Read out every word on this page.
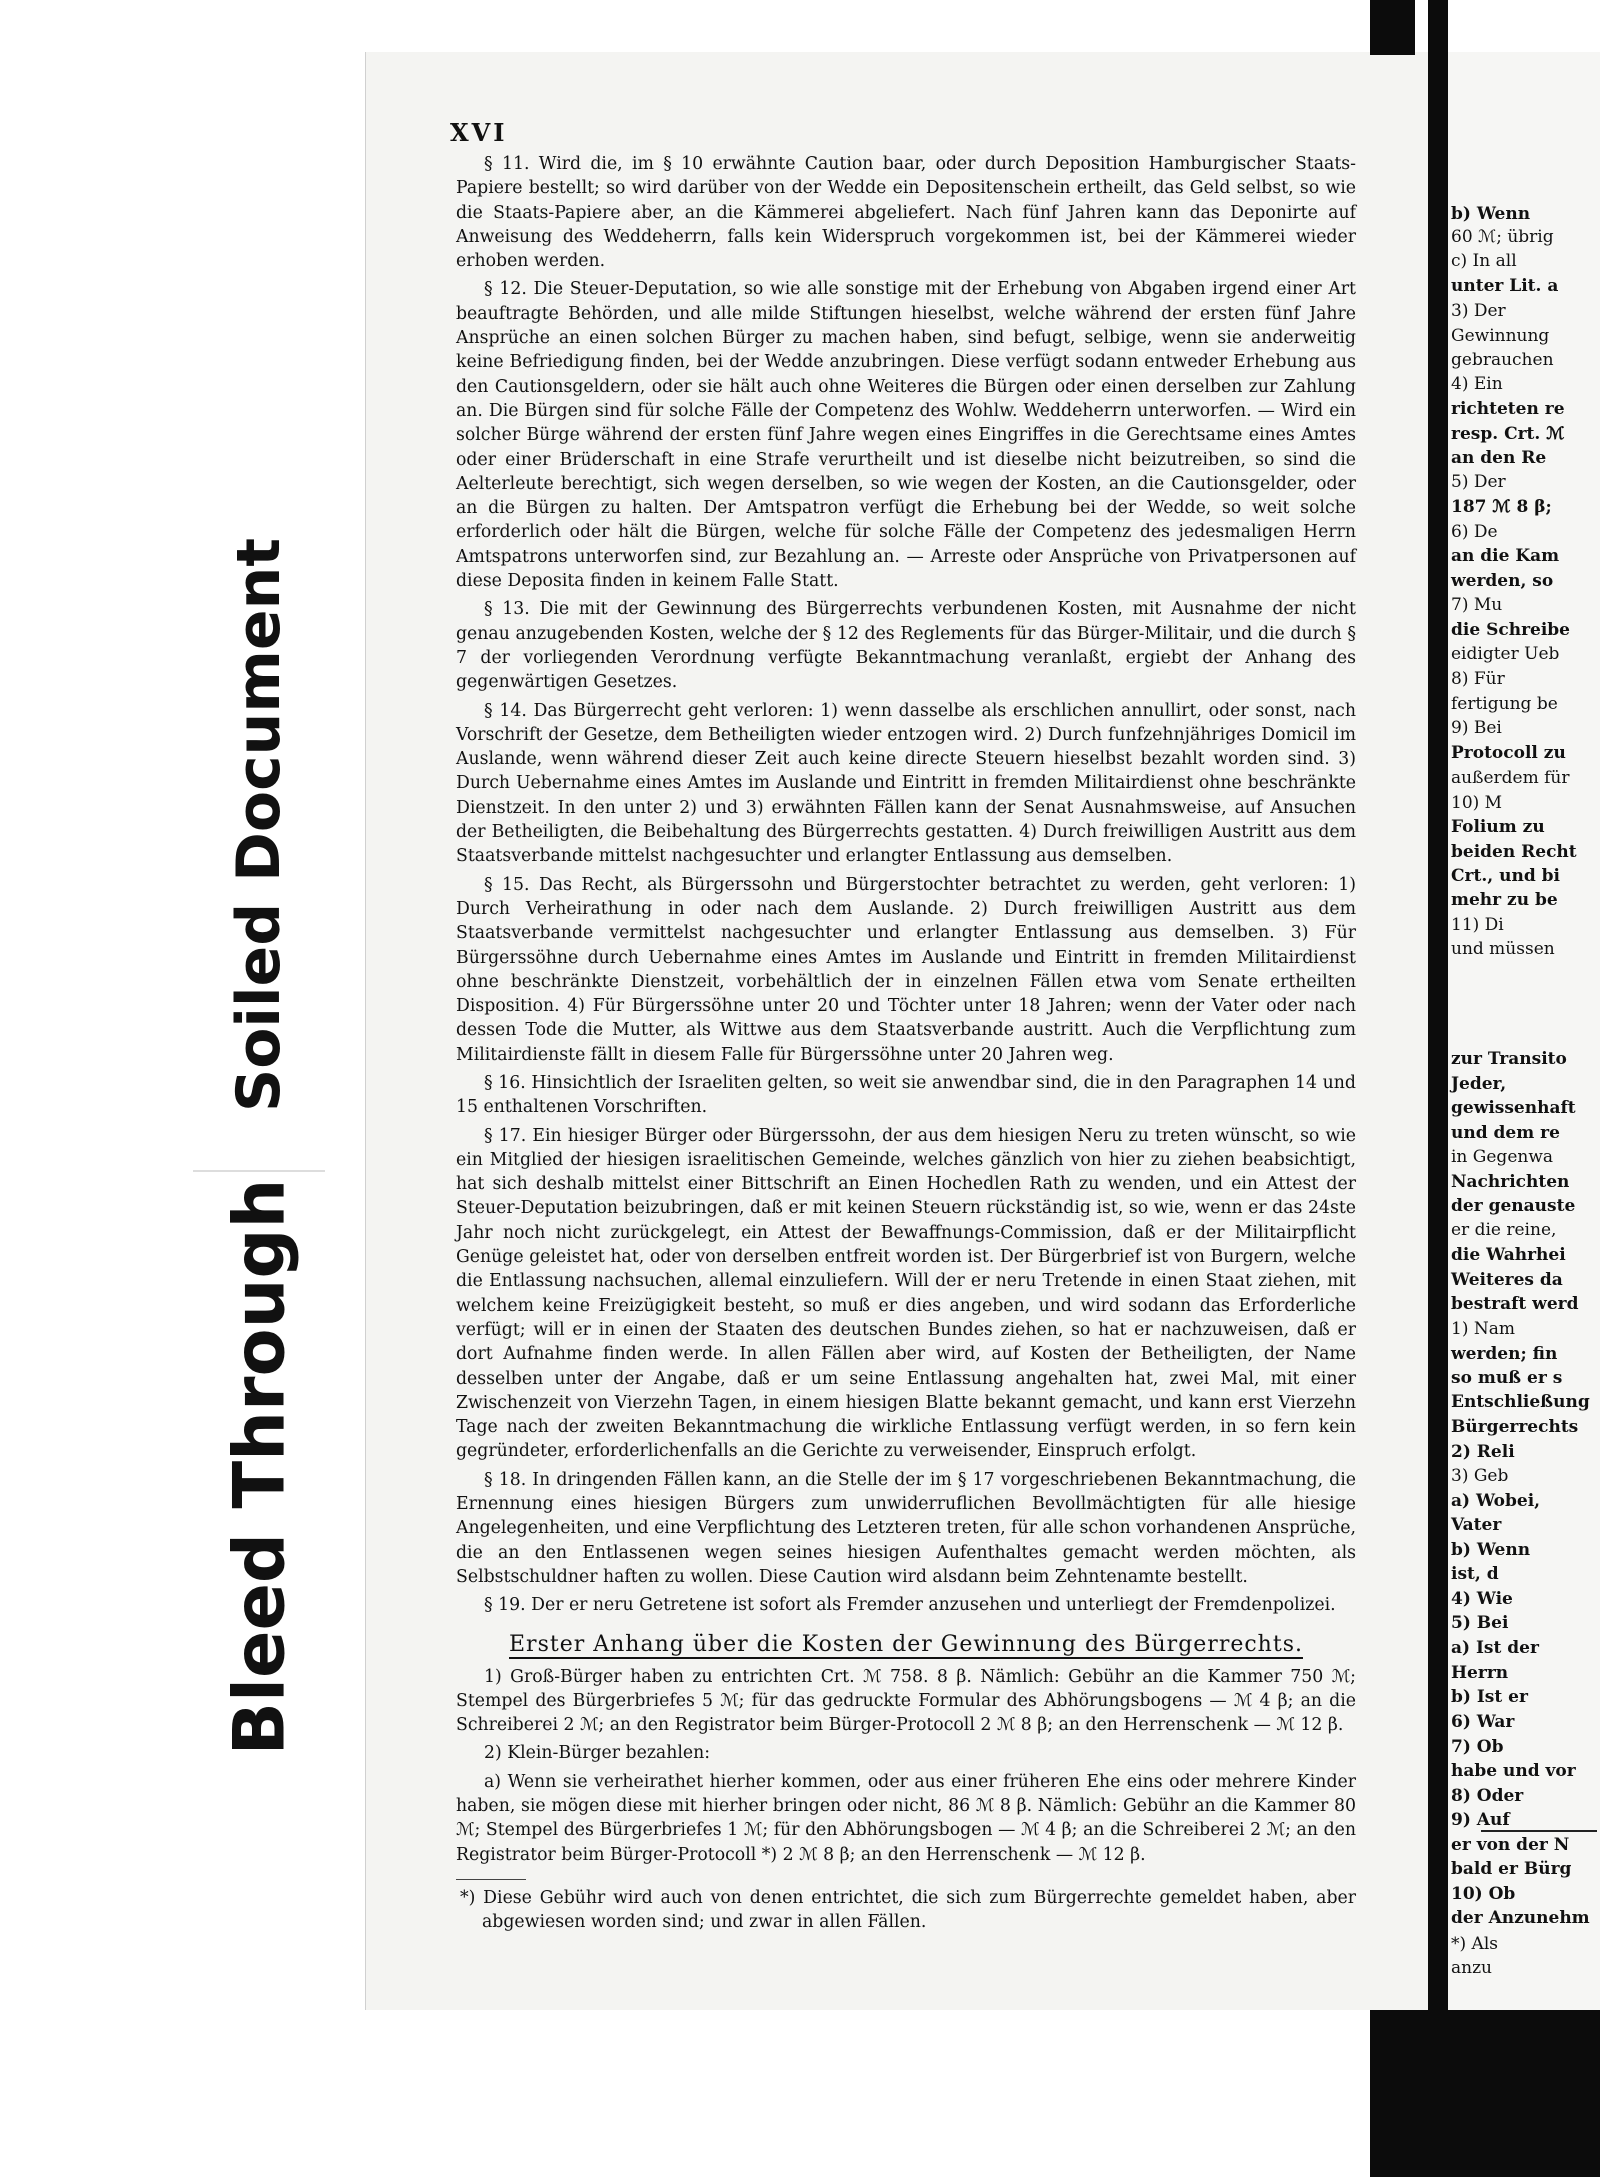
Soiled Document
Bleed Through
XVI

§ 11. Wird die, im § 10 erwähnte Caution baar, oder durch Deposition Hamburgischer Staats-Papiere bestellt; so wird darüber von der Wedde ein Depositenschein ertheilt, das Geld selbst, so wie die Staats-Papiere aber, an die Kämmerei abgeliefert. Nach fünf Jahren kann das Deponirte auf Anweisung des Weddeherrn, falls kein Widerspruch vorgekommen ist, bei der Kämmerei wieder erhoben werden.

§ 12. Die Steuer-Deputation, so wie alle sonstige mit der Erhebung von Abgaben irgend einer Art beauftragte Behörden, und alle milde Stiftungen hieselbst, welche während der ersten fünf Jahre Ansprüche an einen solchen Bürger zu machen haben, sind befugt, selbige, wenn sie anderweitig keine Befriedigung finden, bei der Wedde anzubringen. Diese verfügt sodann entweder Erhebung aus den Cautionsgeldern, oder sie hält auch ohne Weiteres die Bürgen oder einen derselben zur Zahlung an. Die Bürgen sind für solche Fälle der Competenz des Wohlw. Weddeherrn unterworfen. — Wird ein solcher Bürge während der ersten fünf Jahre wegen eines Eingriffes in die Gerechtsame eines Amtes oder einer Brüderschaft in eine Strafe verurtheilt und ist dieselbe nicht beizutreiben, so sind die Aelterleute berechtigt, sich wegen derselben, so wie wegen der Kosten, an die Cautionsgelder, oder an die Bürgen zu halten. Der Amtspatron verfügt die Erhebung bei der Wedde, so weit solche erforderlich oder hält die Bürgen, welche für solche Fälle der Competenz des jedesmaligen Herrn Amtspatrons unterworfen sind, zur Bezahlung an. — Arreste oder Ansprüche von Privatpersonen auf diese Deposita finden in keinem Falle Statt.

§ 13. Die mit der Gewinnung des Bürgerrechts verbundenen Kosten, mit Ausnahme der nicht genau anzugebenden Kosten, welche der § 12 des Reglements für das Bürger-Militair, und die durch § 7 der vorliegenden Verordnung verfügte Bekanntmachung veranlaßt, ergiebt der Anhang des gegenwärtigen Gesetzes.

§ 14. Das Bürgerrecht geht verloren: 1) wenn dasselbe als erschlichen annullirt, oder sonst, nach Vorschrift der Gesetze, dem Betheiligten wieder entzogen wird. 2) Durch funfzehnjähriges Domicil im Auslande, wenn während dieser Zeit auch keine directe Steuern hieselbst bezahlt worden sind. 3) Durch Uebernahme eines Amtes im Auslande und Eintritt in fremden Militairdienst ohne beschränkte Dienstzeit. In den unter 2) und 3) erwähnten Fällen kann der Senat Ausnahmsweise, auf Ansuchen der Betheiligten, die Beibehaltung des Bürgerrechts gestatten. 4) Durch freiwilligen Austritt aus dem Staatsverbande mittelst nachgesuchter und erlangter Entlassung aus demselben.

§ 15. Das Recht, als Bürgerssohn und Bürgerstochter betrachtet zu werden, geht verloren: 1) Durch Verheirathung in oder nach dem Auslande. 2) Durch freiwilligen Austritt aus dem Staatsverbande vermittelst nachgesuchter und erlangter Entlassung aus demselben. 3) Für Bürgerssöhne durch Uebernahme eines Amtes im Auslande und Eintritt in fremden Militairdienst ohne beschränkte Dienstzeit, vorbehältlich der in einzelnen Fällen etwa vom Senate ertheilten Disposition. 4) Für Bürgerssöhne unter 20 und Töchter unter 18 Jahren; wenn der Vater oder nach dessen Tode die Mutter, als Wittwe aus dem Staatsverbande austritt. Auch die Verpflichtung zum Militairdienste fällt in diesem Falle für Bürgerssöhne unter 20 Jahren weg.

§ 16. Hinsichtlich der Israeliten gelten, so weit sie anwendbar sind, die in den Paragraphen 14 und 15 enthaltenen Vorschriften.

§ 17. Ein hiesiger Bürger oder Bürgerssohn, der aus dem hiesigen Neru zu treten wünscht, so wie ein Mitglied der hiesigen israelitischen Gemeinde, welches gänzlich von hier zu ziehen beabsichtigt, hat sich deshalb mittelst einer Bittschrift an Einen Hochedlen Rath zu wenden, und ein Attest der Steuer-Deputation beizubringen, daß er mit keinen Steuern rückständig ist, so wie, wenn er das 24ste Jahr noch nicht zurückgelegt, ein Attest der Bewaffnungs-Commission, daß er der Militairpflicht Genüge geleistet hat, oder von derselben entfreit worden ist. Der Bürgerbrief ist von Burgern, welche die Entlassung nachsuchen, allemal einzuliefern. Will der er neru Tretende in einen Staat ziehen, mit welchem keine Freizügigkeit besteht, so muß er dies angeben, und wird sodann das Erforderliche verfügt; will er in einen der Staaten des deutschen Bundes ziehen, so hat er nachzuweisen, daß er dort Aufnahme finden werde. In allen Fällen aber wird, auf Kosten der Betheiligten, der Name desselben unter der Angabe, daß er um seine Entlassung angehalten hat, zwei Mal, mit einer Zwischenzeit von Vierzehn Tagen, in einem hiesigen Blatte bekannt gemacht, und kann erst Vierzehn Tage nach der zweiten Bekanntmachung die wirkliche Entlassung verfügt werden, in so fern kein gegründeter, erforderlichenfalls an die Gerichte zu verweisender, Einspruch erfolgt.

§ 18. In dringenden Fällen kann, an die Stelle der im § 17 vorgeschriebenen Bekanntmachung, die Ernennung eines hiesigen Bürgers zum unwiderruflichen Bevollmächtigten für alle hiesige Angelegenheiten, und eine Verpflichtung des Letzteren treten, für alle schon vorhandenen Ansprüche, die an den Entlassenen wegen seines hiesigen Aufenthaltes gemacht werden möchten, als Selbstschuldner haften zu wollen. Diese Caution wird alsdann beim Zehntenamte bestellt.

§ 19. Der er neru Getretene ist sofort als Fremder anzusehen und unterliegt der Fremdenpolizei.

Erster Anhang über die Kosten der Gewinnung des Bürgerrechts.

1) Groß-Bürger haben zu entrichten Crt. ℳ 758. 8 β. Nämlich: Gebühr an die Kammer 750 ℳ; Stempel des Bürgerbriefes 5 ℳ; für das gedruckte Formular des Abhörungsbogens — ℳ 4 β; an die Schreiberei 2 ℳ; an den Registrator beim Bürger-Protocoll 2 ℳ 8 β; an den Herrenschenk — ℳ 12 β.

2) Klein-Bürger bezahlen:

a) Wenn sie verheirathet hierher kommen, oder aus einer früheren Ehe eins oder mehrere Kinder haben, sie mögen diese mit hierher bringen oder nicht, 86 ℳ 8 β. Nämlich: Gebühr an die Kammer 80 ℳ; Stempel des Bürgerbriefes 1 ℳ; für den Abhörungsbogen — ℳ 4 β; an die Schreiberei 2 ℳ; an den Registrator beim Bürger-Protocoll *) 2 ℳ 8 β; an den Herrenschenk — ℳ 12 β.

*) Diese Gebühr wird auch von denen entrichtet, die sich zum Bürgerrechte gemeldet haben, aber abgewiesen worden sind; und zwar in allen Fällen.

b) Wenn
60 ℳ; übrig
c) In all
unter Lit. a
3) Der
Gewinnung
gebrauchen
4) Ein
richteten re
resp. Crt. ℳ
an den Re
5) Der
187 ℳ 8 β;
6) De
an die Kam
werden, so
7) Mu
die Schreibe
eidigter Ueb
8) Für
fertigung be
9) Bei
Protocoll zu
außerdem für
10) M
Folium zu
beiden Recht
Crt., und bi
mehr zu be
11) Di
und müssen
zur Transito
Jeder,
gewissenhaft
und dem re
in Gegenwa
Nachrichten
der genauste
er die reine,
die Wahrhei
Weiteres da
bestraft werd
1) Nam
werden; fin
so muß er s
Entschließung
Bürgerrechts
2) Reli
3) Geb
a) Wobei,
Vater
b) Wenn
ist, d
4) Wie
5) Bei
a) Ist der
Herrn
b) Ist er
6) War
7) Ob
habe und vor
8) Oder
9) Auf
er von der N
bald er Bürg
10) Ob
der Anzunehm
*) Als
anzu
